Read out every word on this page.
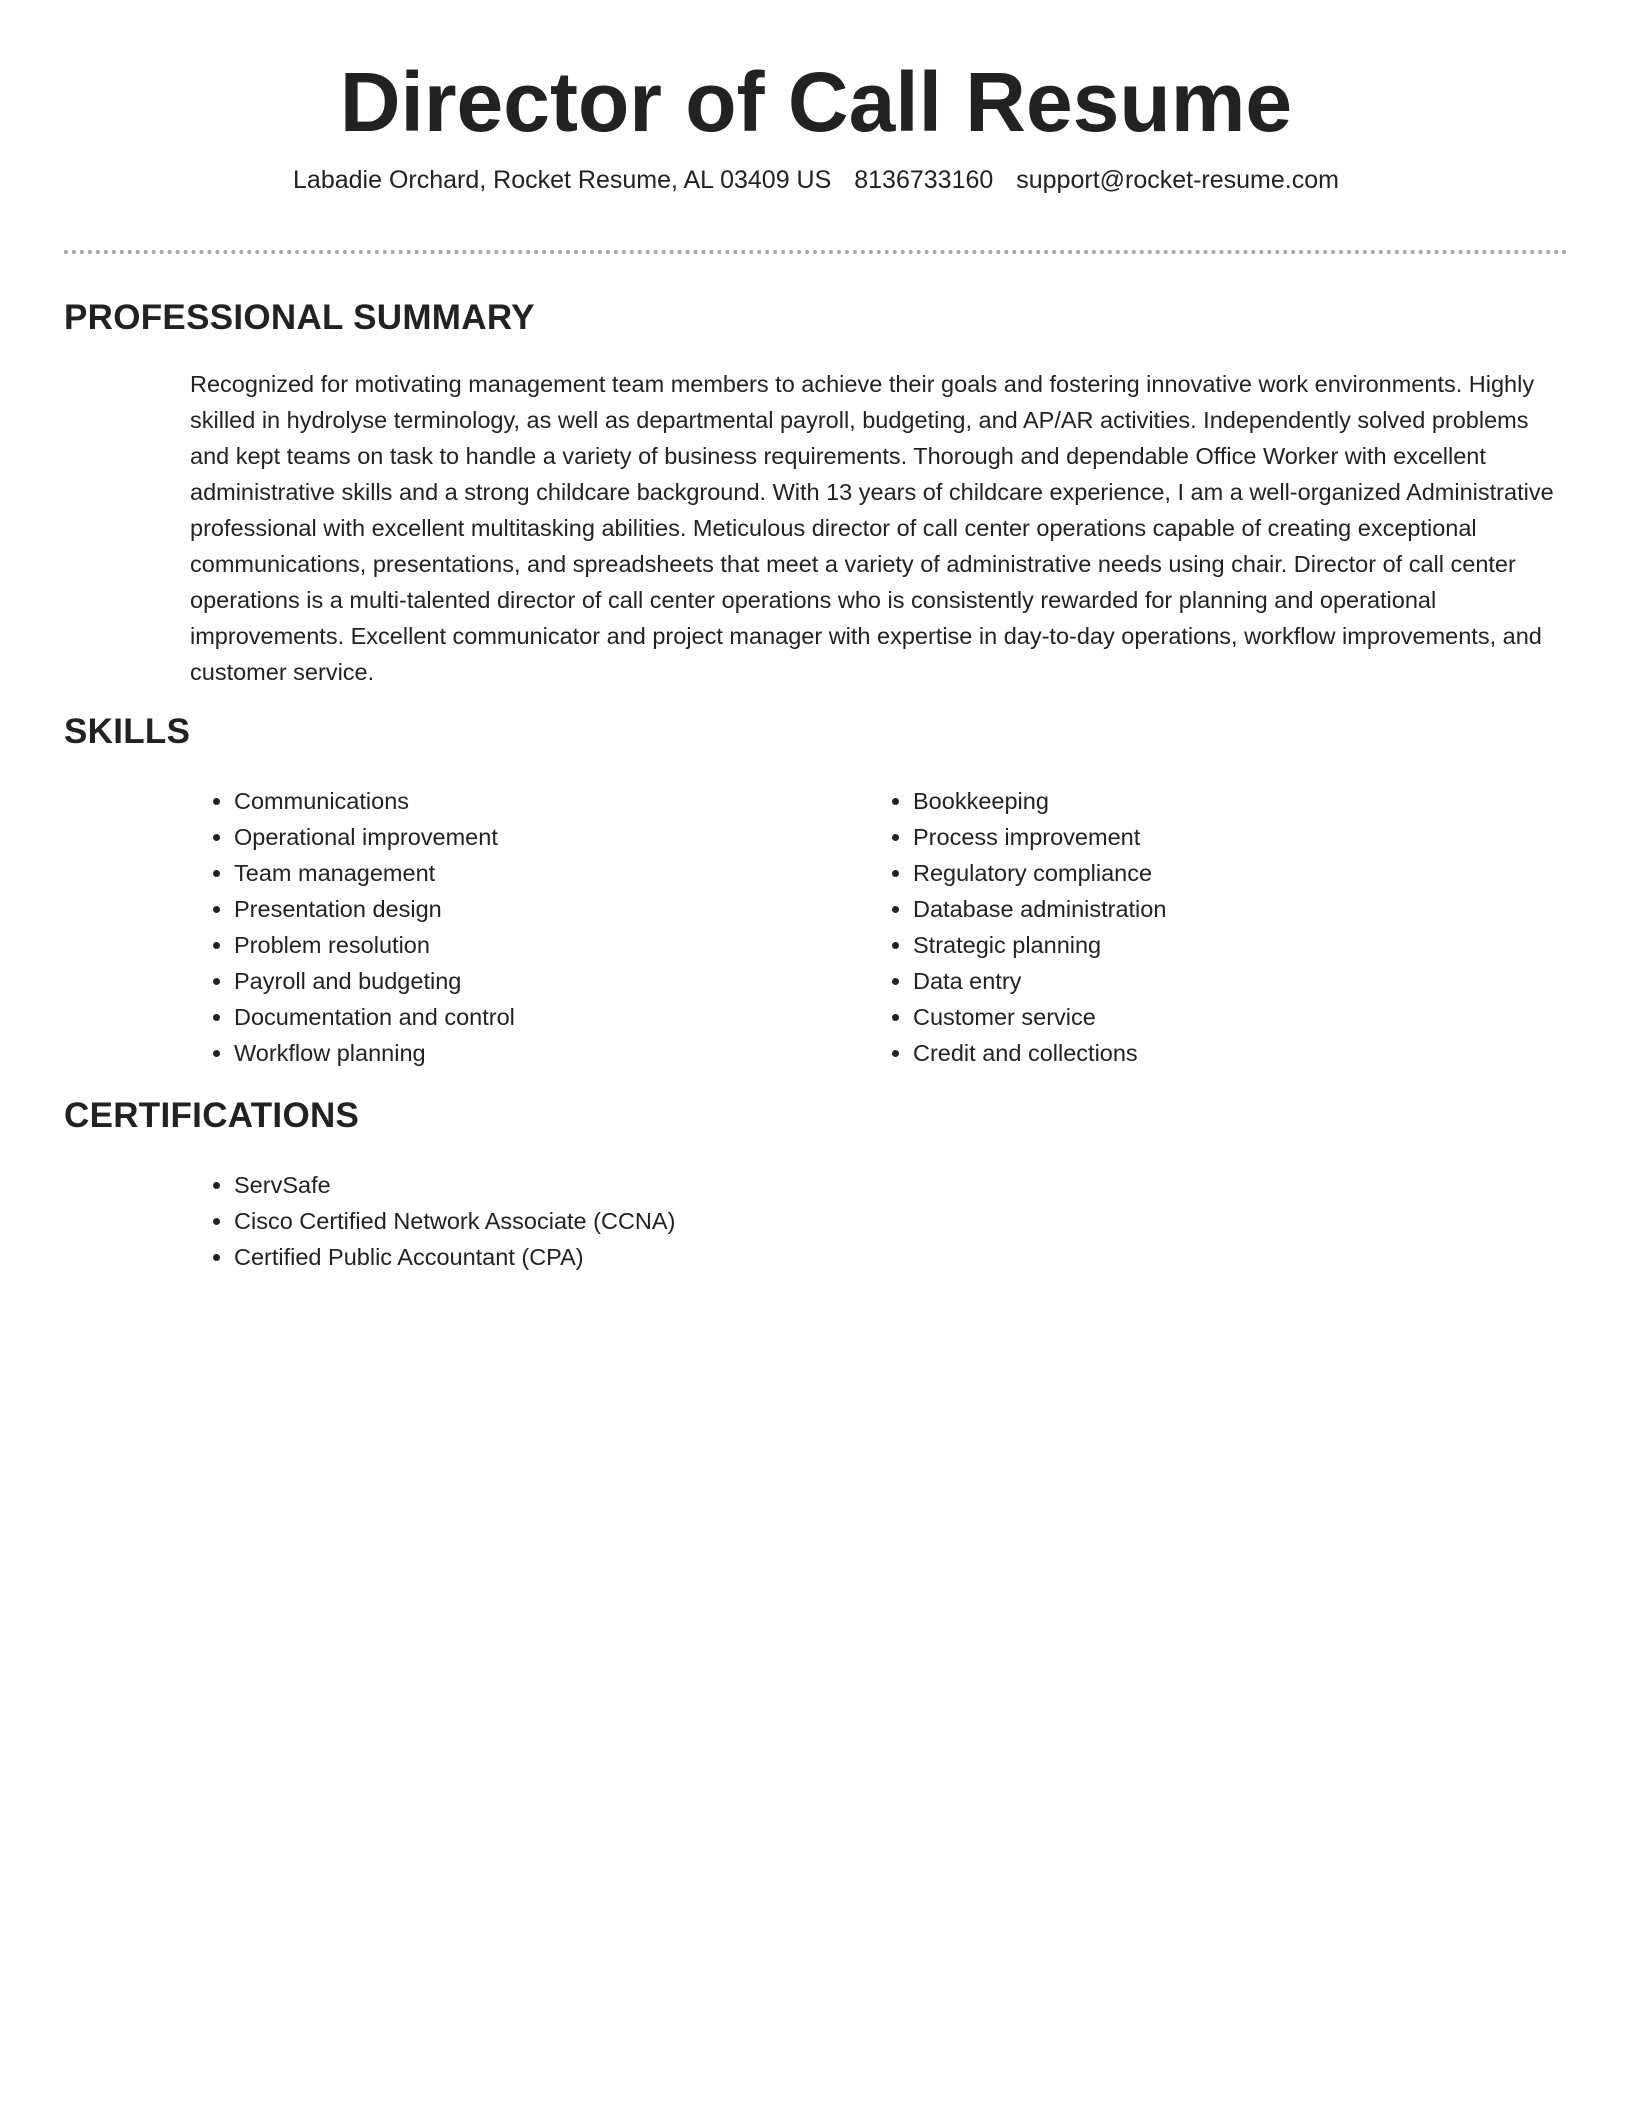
Director of Call Resume
Labadie Orchard, Rocket Resume, AL 03409 US 8136733160 support@rocket-resume.com
PROFESSIONAL SUMMARY

Recognized for motivating management team members to achieve their goals and fostering innovative work environments. Highly skilled in hydrolyse terminology, as well as departmental payroll, budgeting, and AP/AR activities. Independently solved problems and kept teams on task to handle a variety of business requirements. Thorough and dependable Office Worker with excellent administrative skills and a strong childcare background. With 13 years of childcare experience, I am a well-organized Administrative professional with excellent multitasking abilities. Meticulous director of call center operations capable of creating exceptional communications, presentations, and spreadsheets that meet a variety of administrative needs using chair. Director of call center operations is a multi-talented director of call center operations who is consistently rewarded for planning and operational improvements. Excellent communicator and project manager with expertise in day-to-day operations, workflow improvements, and customer service.

SKILLS
• Communications
• Operational improvement
• Team management
• Presentation design
• Problem resolution
• Payroll and budgeting
• Documentation and control
• Workflow planning
• Bookkeeping
• Process improvement
• Regulatory compliance
• Database administration
• Strategic planning
• Data entry
• Customer service
• Credit and collections
CERTIFICATIONS
• ServSafe
• Cisco Certified Network Associate (CCNA)
• Certified Public Accountant (CPA)
